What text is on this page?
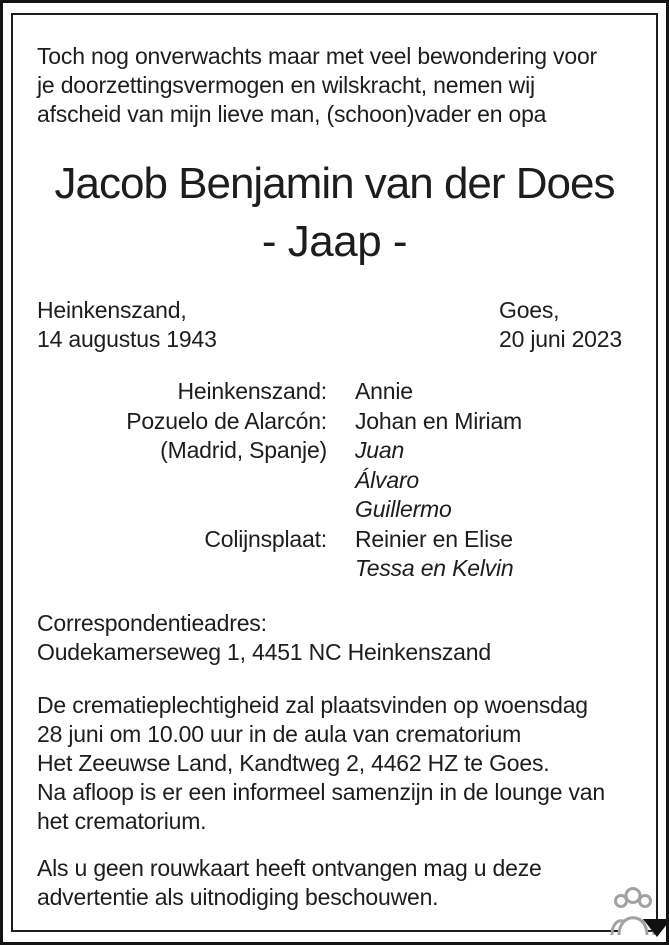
Toch nog onverwachts maar met veel bewondering voor
je doorzettingsvermogen en wilskracht, nemen wij
afscheid van mijn lieve man, (schoon)vader en opa
Jacob Benjamin van der Does
- Jaap -
Heinkenszand,
14 augustus 1943
Goes,
20 juni 2023
Heinkenszand: Annie
Pozuelo de Alarcón: Johan en Miriam
(Madrid, Spanje) Juan
Álvaro
Guillermo
Colijnsplaat: Reinier en Elise
Tessa en Kelvin
Correspondentieadres:
Oudekamerseweg 1, 4451 NC Heinkenszand
De crematieplechtigheid zal plaatsvinden op woensdag
28 juni om 10.00 uur in de aula van crematorium
Het Zeeuwse Land, Kandtweg 2, 4462 HZ te Goes.
Na afloop is er een informeel samenzijn in de lounge van
het crematorium.
Als u geen rouwkaart heeft ontvangen mag u deze
advertentie als uitnodiging beschouwen.
